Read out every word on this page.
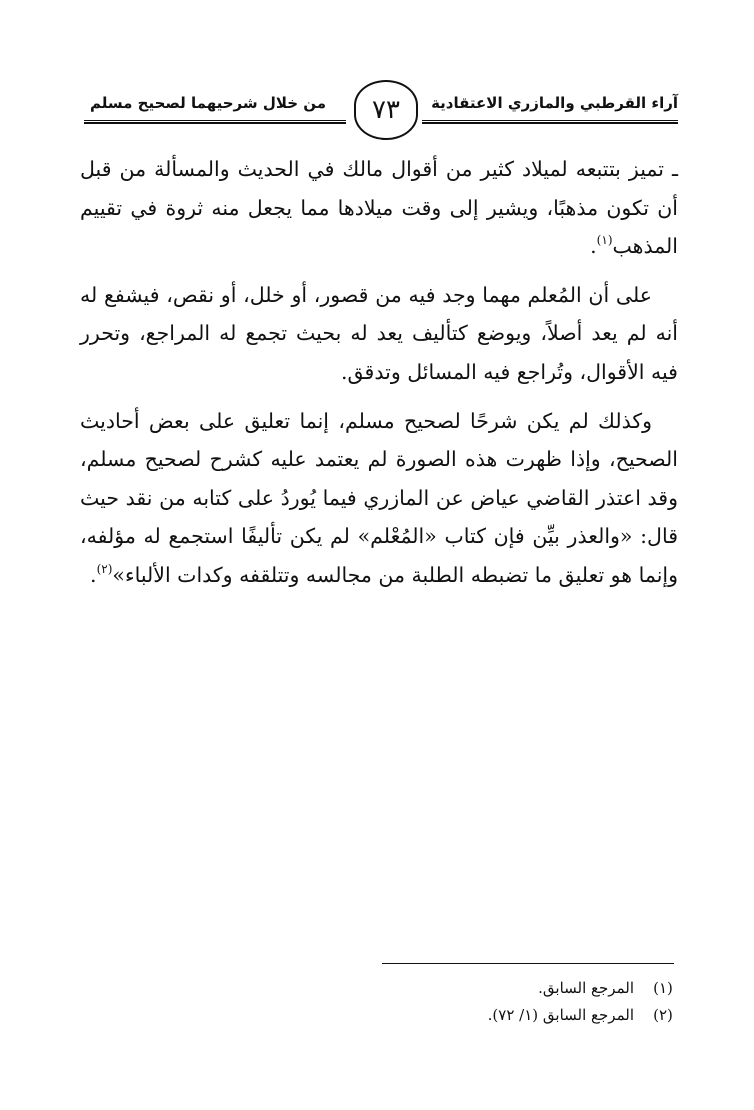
آراء القرطبي والمازري الاعتقادية
من خلال شرحيهما لصحيح مسلم	٧٣

ـ تميز بتتبعه لميلاد كثير من أقوال مالك في الحديث والمسألة من قبل أن تكون مذهبًا، ويشير إلى وقت ميلادها مما يجعل منه ثروة في تقييم المذهب$^{(١)}$.

على أن المُعلم مهما وجد فيه من قصور، أو خلل، أو نقص، فيشفع له أنه لم يعد أصلاً، ويوضع كتأليف يعد له بحيث تجمع له المراجع، وتحرر فيه الأقوال، وتُراجع فيه المسائل وتدقق.

وكذلك لم يكن شرحًا لصحيح مسلم، إنما تعليق على بعض أحاديث الصحيح، وإذا ظهرت هذه الصورة لم يعتمد عليه كشرح لصحيح مسلم، وقد اعتذر القاضي عياض عن المازري فيما يُوردُ على كتابه من نقد حيث قال: «والعذر بيِّن فإن كتاب «المُعْلم» لم يكن تأليفًا استجمع له مؤلفه، وإنما هو تعليق ما تضبطه الطلبة من مجالسه وتتلقفه وكدات الألباء»$^{(٢)}$.

(١)
المرجع السابق.
(٢)
المرجع السابق (١/ ٧٢).
